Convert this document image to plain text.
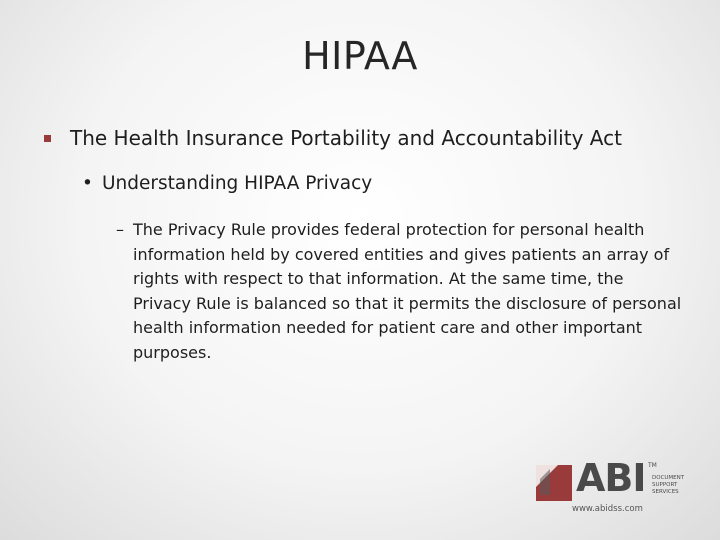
HIPAA
The Health Insurance Portability and Accountability Act
• Understanding HIPAA Privacy
– The Privacy Rule provides federal protection for personal health information held by covered entities and gives patients an array of rights with respect to that information. At the same time, the Privacy Rule is balanced so that it permits the disclosure of personal health information needed for patient care and other important purposes.
ABI TM
DOCUMENT
SUPPORT
SERVICES
www.abidss.com
